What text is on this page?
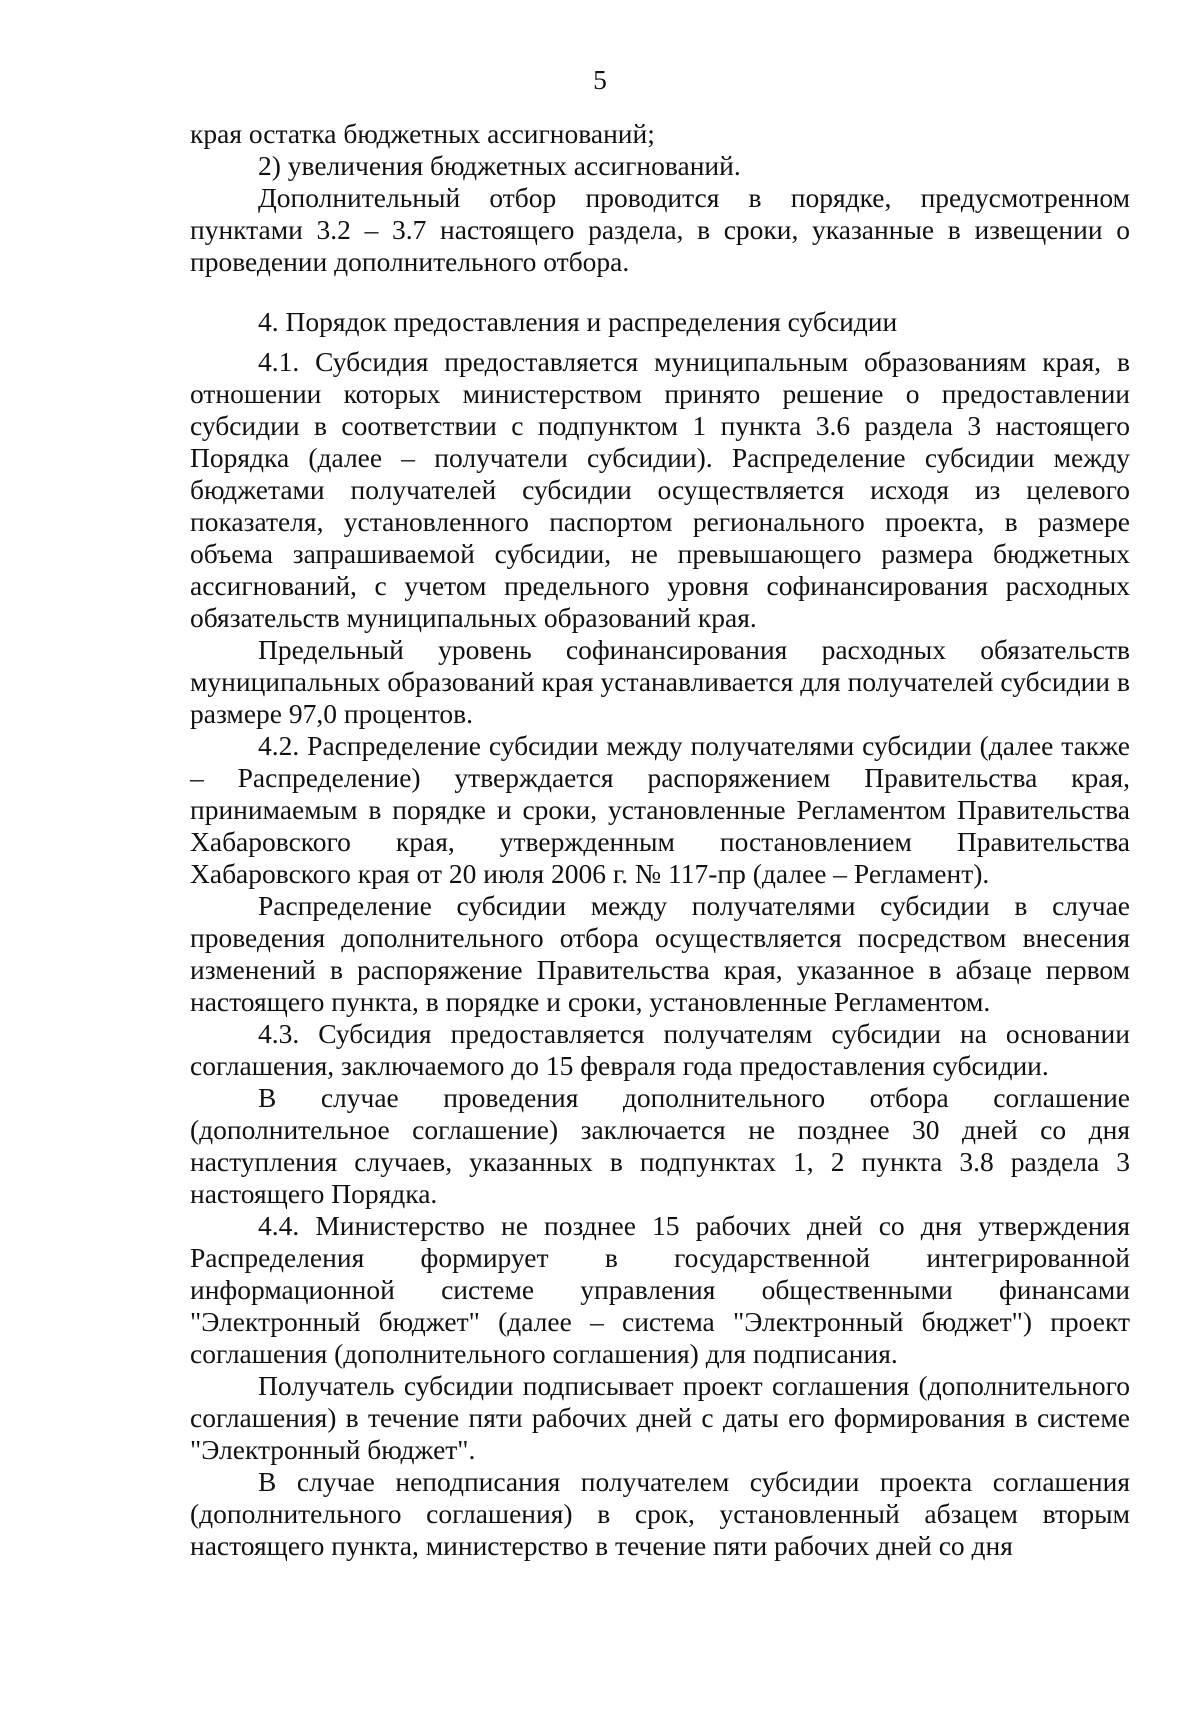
5

края остатка бюджетных ассигнований;

2) увеличения бюджетных ассигнований.

Дополнительный отбор проводится в порядке, предусмотренном пунктами 3.2 – 3.7 настоящего раздела, в сроки, указанные в извещении о проведении дополнительного отбора.

4. Порядок предоставления и распределения субсидии

4.1. Субсидия предоставляется муниципальным образованиям края, в отношении которых министерством принято решение о предоставлении субсидии в соответствии с подпунктом 1 пункта 3.6 раздела 3 настоящего Порядка (далее – получатели субсидии). Распределение субсидии между бюджетами получателей субсидии осуществляется исходя из целевого показателя, установленного паспортом регионального проекта, в размере объема запрашиваемой субсидии, не превышающего размера бюджетных ассигнований, с учетом предельного уровня софинансирования расходных обязательств муниципальных образований края.

Предельный уровень софинансирования расходных обязательств муниципальных образований края устанавливается для получателей субсидии в размере 97,0 процентов.

4.2. Распределение субсидии между получателями субсидии (далее также – Распределение) утверждается распоряжением Правительства края, принимаемым в порядке и сроки, установленные Регламентом Правительства Хабаровского края, утвержденным постановлением Правительства Хабаровского края от 20 июля 2006 г. № 117-пр (далее – Регламент).

Распределение субсидии между получателями субсидии в случае проведения дополнительного отбора осуществляется посредством внесения изменений в распоряжение Правительства края, указанное в абзаце первом настоящего пункта, в порядке и сроки, установленные Регламентом.

4.3. Субсидия предоставляется получателям субсидии на основании соглашения, заключаемого до 15 февраля года предоставления субсидии.

В случае проведения дополнительного отбора соглашение (дополнительное соглашение) заключается не позднее 30 дней со дня наступления случаев, указанных в подпунктах 1, 2 пункта 3.8 раздела 3 настоящего Порядка.

4.4. Министерство не позднее 15 рабочих дней со дня утверждения Распределения формирует в государственной интегрированной информационной системе управления общественными финансами "Электронный бюджет" (далее – система "Электронный бюджет") проект соглашения (дополнительного соглашения) для подписания.

Получатель субсидии подписывает проект соглашения (дополнительного соглашения) в течение пяти рабочих дней с даты его формирования в системе "Электронный бюджет".

В случае неподписания получателем субсидии проекта соглашения (дополнительного соглашения) в срок, установленный абзацем вторым настоящего пункта, министерство в течение пяти рабочих дней со дня
